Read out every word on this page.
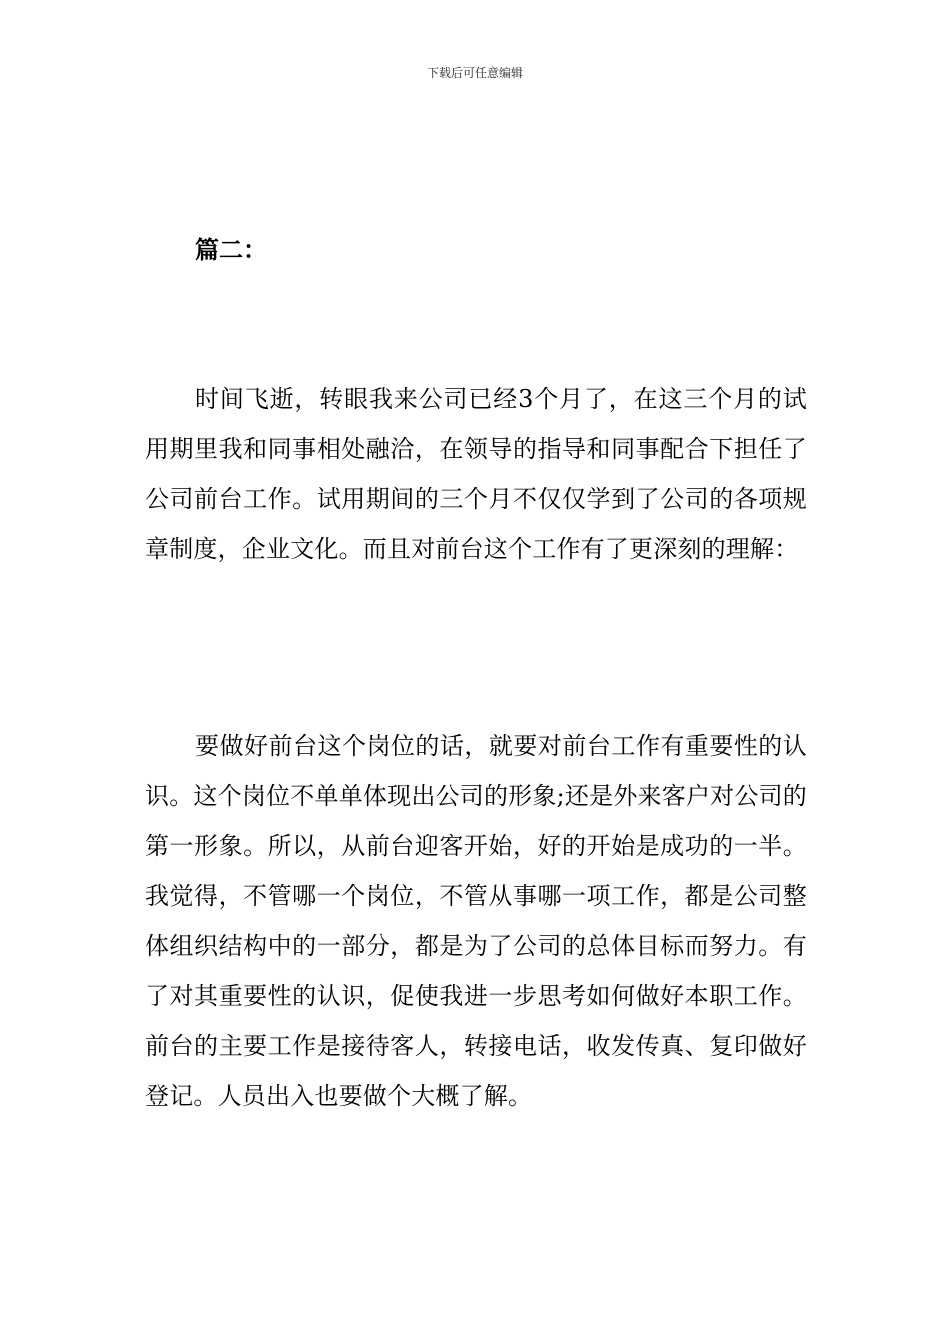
下载后可任意编辑
篇二：

时间飞逝，转眼我来公司已经3个月了，在这三个月的试用期里我和同事相处融洽，在领导的指导和同事配合下担任了公司前台工作。试用期间的三个月不仅仅学到了公司的各项规章制度，企业文化。而且对前台这个工作有了更深刻的理解：

要做好前台这个岗位的话，就要对前台工作有重要性的认识。这个岗位不单单体现出公司的形象;还是外来客户对公司的第一形象。所以，从前台迎客开始，好的开始是成功的一半。我觉得，不管哪一个岗位，不管从事哪一项工作，都是公司整体组织结构中的一部分，都是为了公司的总体目标而努力。有了对其重要性的认识，促使我进一步思考如何做好本职工作。前台的主要工作是接待客人，转接电话，收发传真、复印做好登记。人员出入也要做个大概了解。
